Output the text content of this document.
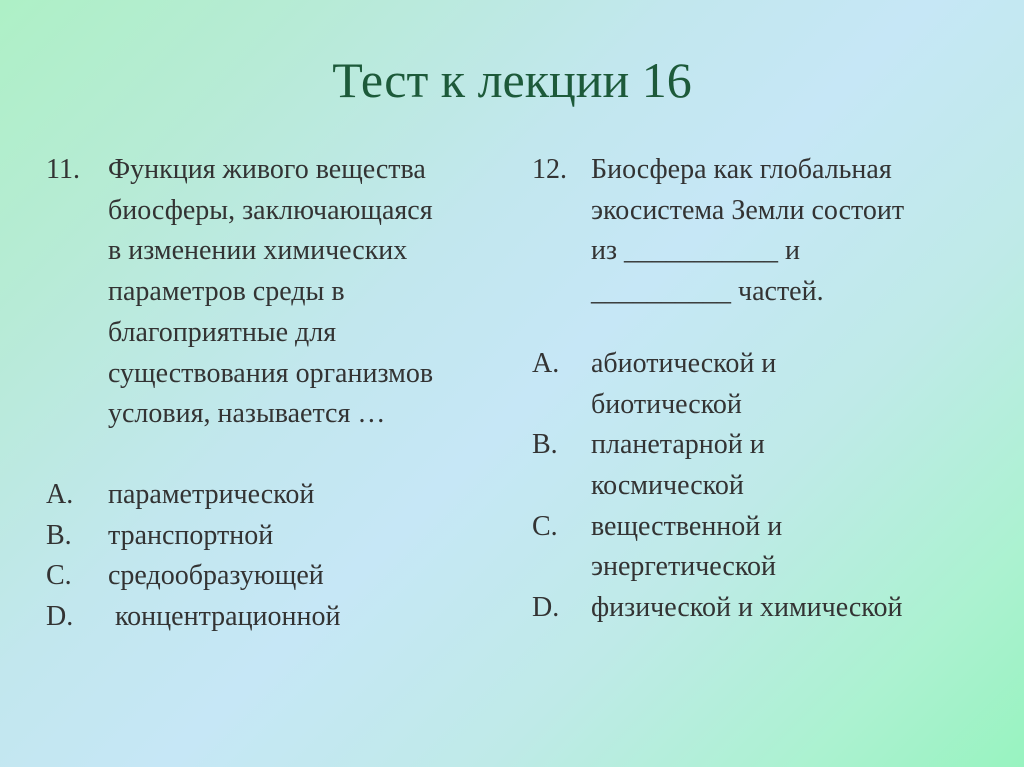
Тест к лекции 16
11.	Функция живого вещества
биосферы, заключающаяся
в изменении химических
параметров среды в
благоприятные для
существования организмов
условия, называется …
A.	параметрической
B.	транспортной
C.	средообразующей
D.	концентрационной
12. Биосфера как глобальная
экосистема Земли состоит
из ___________ и
__________ частей.
A.	абиотической и
биотической
B.	планетарной и
космической
C.	вещественной и
энергетической
D.	физической и химической
